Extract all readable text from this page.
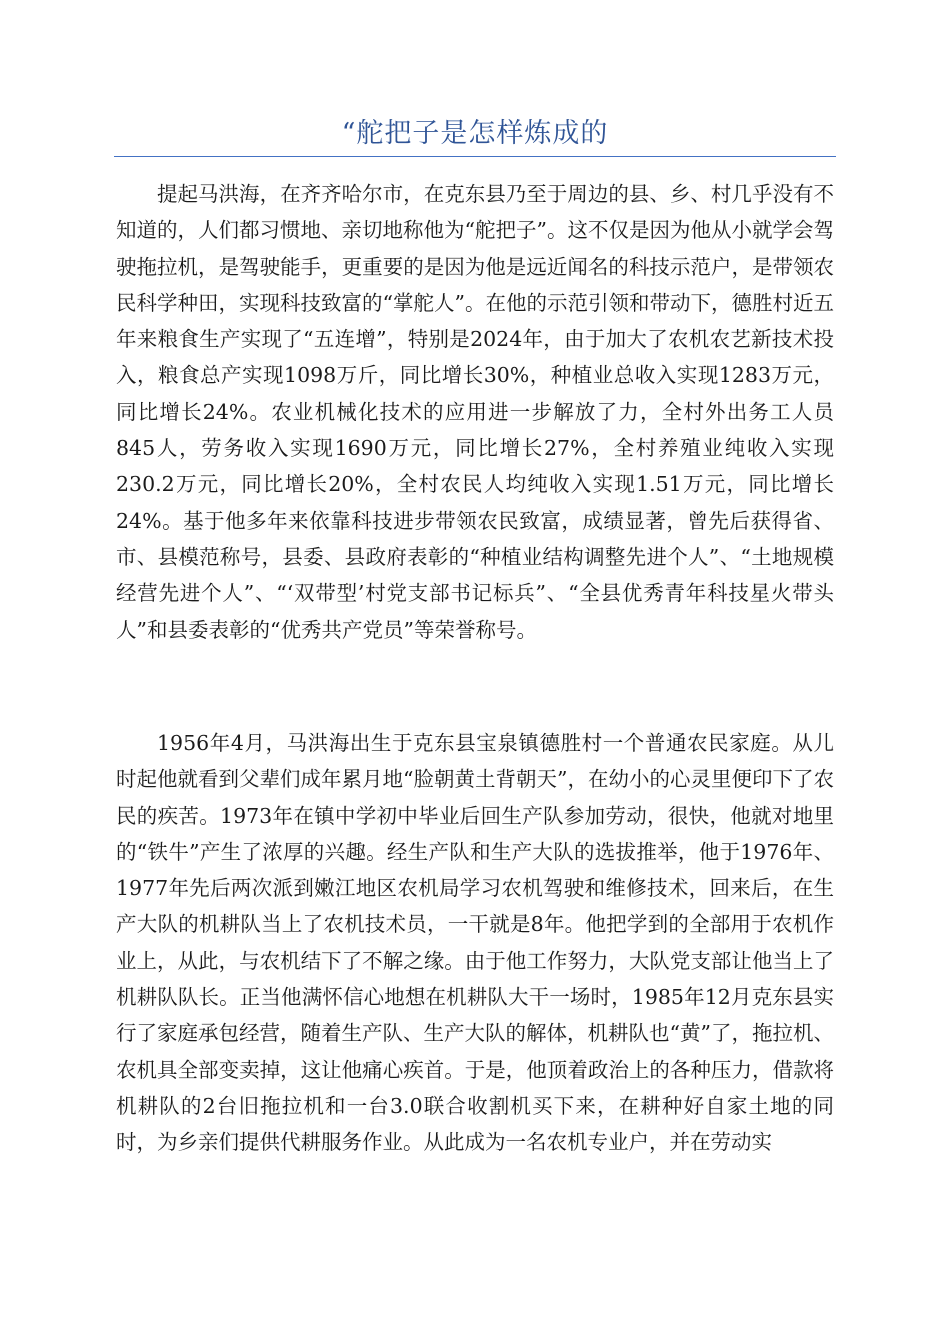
“舵把子是怎样炼成的

提起马洪海，在齐齐哈尔市，在克东县乃至于周边的县、乡、村几乎没有不知道的，人们都习惯地、亲切地称他为“舵把子”。这不仅是因为他从小就学会驾驶拖拉机，是驾驶能手，更重要的是因为他是远近闻名的科技示范户，是带领农民科学种田，实现科技致富的“掌舵人”。在他的示范引领和带动下，德胜村近五年来粮食生产实现了“五连增”，特别是2024年，由于加大了农机农艺新技术投入，粮食总产实现1098万斤，同比增长30%，种植业总收入实现1283万元，同比增长24%。农业机械化技术的应用进一步解放了力，全村外出务工人员845人，劳务收入实现1690万元，同比增长27%，全村养殖业纯收入实现230.2万元，同比增长20%，全村农民人均纯收入实现1.51万元，同比增长24%。基于他多年来依靠科技进步带领农民致富，成绩显著，曾先后获得省、市、县模范称号，县委、县政府表彰的“种植业结构调整先进个人”、“土地规模经营先进个人”、“‘双带型’村党支部书记标兵”、“全县优秀青年科技星火带头人”和县委表彰的“优秀共产党员”等荣誉称号。

1956年4月，马洪海出生于克东县宝泉镇德胜村一个普通农民家庭。从儿时起他就看到父辈们成年累月地“脸朝黄土背朝天”，在幼小的心灵里便印下了农民的疾苦。1973年在镇中学初中毕业后回生产队参加劳动，很快，他就对地里的“铁牛”产生了浓厚的兴趣。经生产队和生产大队的选拔推举，他于1976年、1977年先后两次派到嫩江地区农机局学习农机驾驶和维修技术，回来后，在生产大队的机耕队当上了农机技术员，一干就是8年。他把学到的全部用于农机作业上，从此，与农机结下了不解之缘。由于他工作努力，大队党支部让他当上了机耕队队长。正当他满怀信心地想在机耕队大干一场时，1985年12月克东县实行了家庭承包经营，随着生产队、生产大队的解体，机耕队也“黄”了，拖拉机、农机具全部变卖掉，这让他痛心疾首。于是，他顶着政治上的各种压力，借款将机耕队的2台旧拖拉机和一台3.0联合收割机买下来，在耕种好自家土地的同时，为乡亲们提供代耕服务作业。从此成为一名农机专业户，并在劳动实
